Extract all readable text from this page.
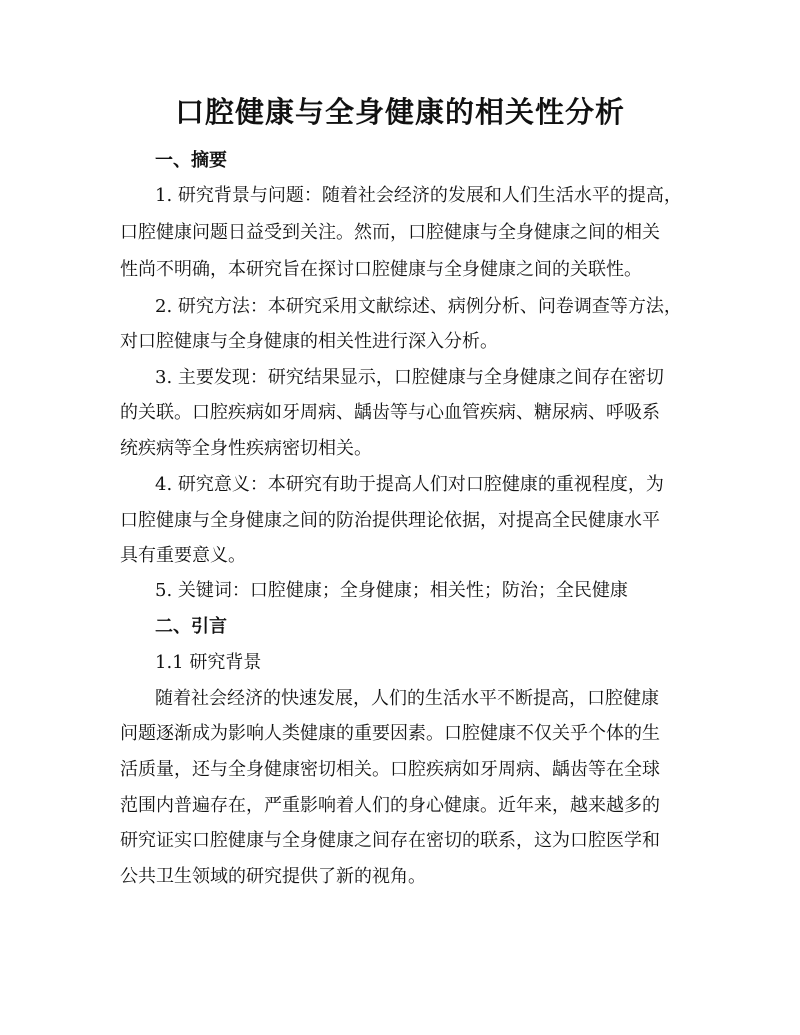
口腔健康与全身健康的相关性分析
一、摘要
1. 研究背景与问题：随着社会经济的发展和人们生活水平的提高，
口腔健康问题日益受到关注。然而，口腔健康与全身健康之间的相关
性尚不明确，本研究旨在探讨口腔健康与全身健康之间的关联性。
2. 研究方法：本研究采用文献综述、病例分析、问卷调查等方法，
对口腔健康与全身健康的相关性进行深入分析。
3. 主要发现：研究结果显示，口腔健康与全身健康之间存在密切
的关联。口腔疾病如牙周病、龋齿等与心血管疾病、糖尿病、呼吸系
统疾病等全身性疾病密切相关。
4. 研究意义：本研究有助于提高人们对口腔健康的重视程度，为
口腔健康与全身健康之间的防治提供理论依据，对提高全民健康水平
具有重要意义。
5. 关键词：口腔健康；全身健康；相关性；防治；全民健康
二、引言
1.1 研究背景
随着社会经济的快速发展，人们的生活水平不断提高，口腔健康
问题逐渐成为影响人类健康的重要因素。口腔健康不仅关乎个体的生
活质量，还与全身健康密切相关。口腔疾病如牙周病、龋齿等在全球
范围内普遍存在，严重影响着人们的身心健康。近年来，越来越多的
研究证实口腔健康与全身健康之间存在密切的联系，这为口腔医学和
公共卫生领域的研究提供了新的视角。
